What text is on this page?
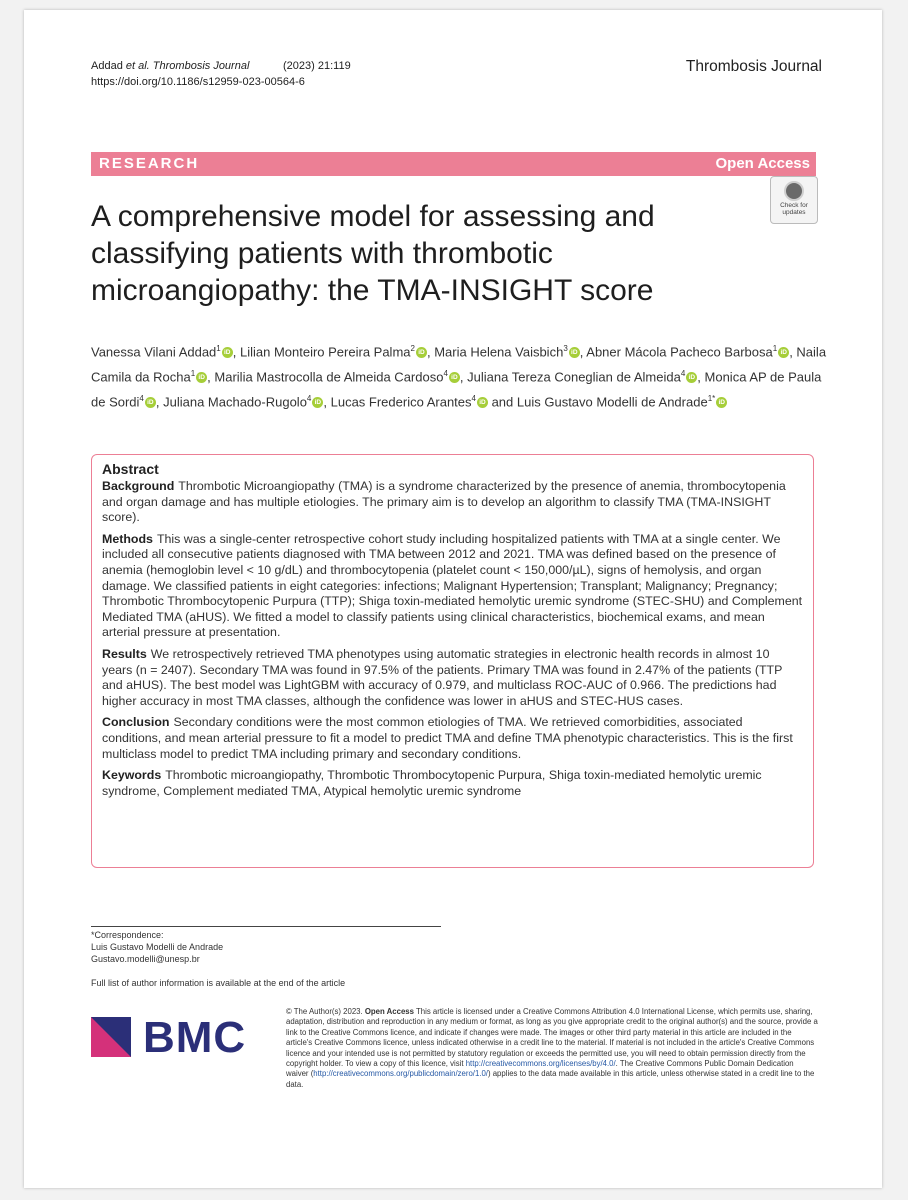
Addad et al. Thrombosis Journal	(2023) 21:119
https://doi.org/10.1186/s12959-023-00564-6
Thrombosis Journal
RESEARCH	Open Access
Check for
updates
A comprehensive model for assessing and classifying patients with thrombotic microangiopathy: the TMA-INSIGHT score
Vanessa Vilani Addad$^1$ iD , Lilian Monteiro Pereira Palma$^2$ iD , Maria Helena Vaisbich$^3$ iD , Abner Mácola Pacheco Barbosa$^1$ iD , Naila Camila da Rocha$^1$ iD , Marilia Mastrocolla de Almeida Cardoso$^4$ iD , Juliana Tereza Coneglian de Almeida$^4$ iD , Monica AP de Paula de Sordi$^4$ iD , Juliana Machado-Rugolo$^4$ iD , Lucas Frederico Arantes$^4$ iD and Luis Gustavo Modelli de Andrade$^{1*}$ iD
Abstract

Background Thrombotic Microangiopathy (TMA) is a syndrome characterized by the presence of anemia, thrombocytopenia and organ damage and has multiple etiologies. The primary aim is to develop an algorithm to classify TMA (TMA-INSIGHT score).

Methods This was a single-center retrospective cohort study including hospitalized patients with TMA at a single center. We included all consecutive patients diagnosed with TMA between 2012 and 2021. TMA was defined based on the presence of anemia (hemoglobin level < 10 g/dL) and thrombocytopenia (platelet count < 150,000/µL), signs of hemolysis, and organ damage. We classified patients in eight categories: infections; Malignant Hypertension; Transplant; Malignancy; Pregnancy; Thrombotic Thrombocytopenic Purpura (TTP); Shiga toxin-mediated hemolytic uremic syndrome (STEC-SHU) and Complement Mediated TMA (aHUS). We fitted a model to classify patients using clinical characteristics, biochemical exams, and mean arterial pressure at presentation.

Results We retrospectively retrieved TMA phenotypes using automatic strategies in electronic health records in almost 10 years (n = 2407). Secondary TMA was found in 97.5% of the patients. Primary TMA was found in 2.47% of the patients (TTP and aHUS). The best model was LightGBM with accuracy of 0.979, and multiclass ROC-AUC of 0.966. The predictions had higher accuracy in most TMA classes, although the confidence was lower in aHUS and STEC-HUS cases.

Conclusion Secondary conditions were the most common etiologies of TMA. We retrieved comorbidities, associated conditions, and mean arterial pressure to fit a model to predict TMA and define TMA phenotypic characteristics. This is the first multiclass model to predict TMA including primary and secondary conditions.

Keywords Thrombotic microangiopathy, Thrombotic Thrombocytopenic Purpura, Shiga toxin-mediated hemolytic uremic syndrome, Complement mediated TMA, Atypical hemolytic uremic syndrome

*Correspondence:
Luis Gustavo Modelli de Andrade
Gustavo.modelli@unesp.br
Full list of author information is available at the end of the article
BMC
© The Author(s) 2023. Open Access This article is licensed under a Creative Commons Attribution 4.0 International License, which permits use, sharing, adaptation, distribution and reproduction in any medium or format, as long as you give appropriate credit to the original author(s) and the source, provide a link to the Creative Commons licence, and indicate if changes were made. The images or other third party material in this article are included in the article's Creative Commons licence, unless indicated otherwise in a credit line to the material. If material is not included in the article's Creative Commons licence and your intended use is not permitted by statutory regulation or exceeds the permitted use, you will need to obtain permission directly from the copyright holder. To view a copy of this licence, visit http://creativecommons.org/licenses/by/4.0/. The Creative Commons Public Domain Dedication waiver (http://creativecommons.org/publicdomain/zero/1.0/) applies to the data made available in this article, unless otherwise stated in a credit line to the data.
